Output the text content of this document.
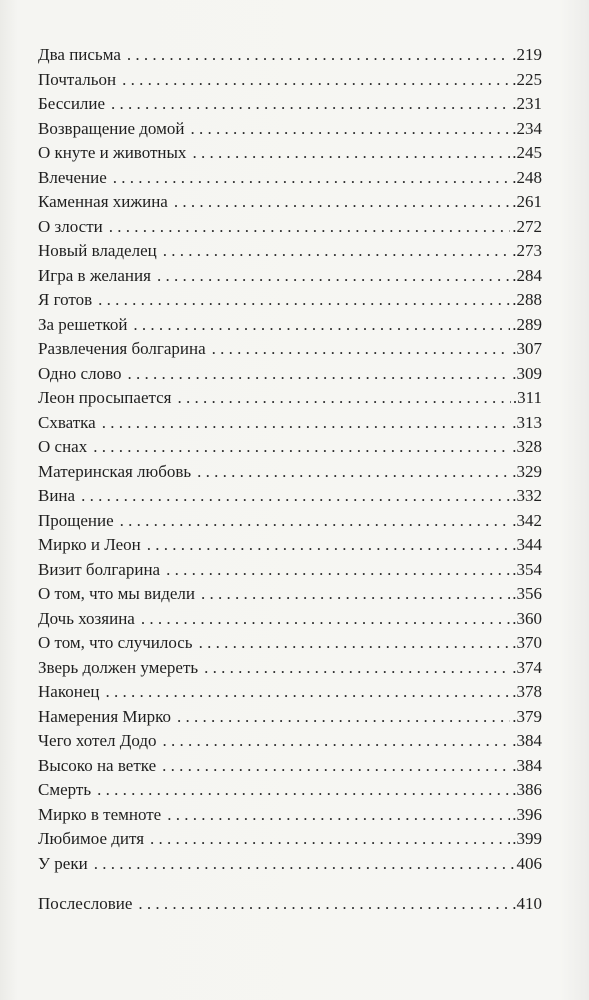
Два письма . . .	.219
Почтальон . . .	.225
Бессилие . . .	.231
Возвращение домой . . .	.234
О кнуте и животных . . .	.245
Влечение . . .	.248
Каменная хижина . . .	.261
О злости . . .	.272
Новый владелец . . .	.273
Игра в желания . . .	.284
Я готов . . .	.288
За решеткой . . .	.289
Развлечения болгарина . . .	.307
Одно слово . . .	.309
Леон просыпается . . .	.311
Схватка . . .	.313
О снах . . .	.328
Материнская любовь . . .	.329
Вина . . .	.332
Прощение . . .	.342
Мирко и Леон . . .	.344
Визит болгарина . . .	.354
О том, что мы видели . . .	.356
Дочь хозяина . . .	.360
О том, что случилось . . .	.370
Зверь должен умереть . . .	.374
Наконец . . .	.378
Намерения Мирко . . .	.379
Чего хотел Додо . . .	.384
Высоко на ветке . . .	.384
Смерть . . .	.386
Мирко в темноте . . .	.396
Любимое дитя . . .	.399
У реки . . .	406
Послесловие . . .	.410
